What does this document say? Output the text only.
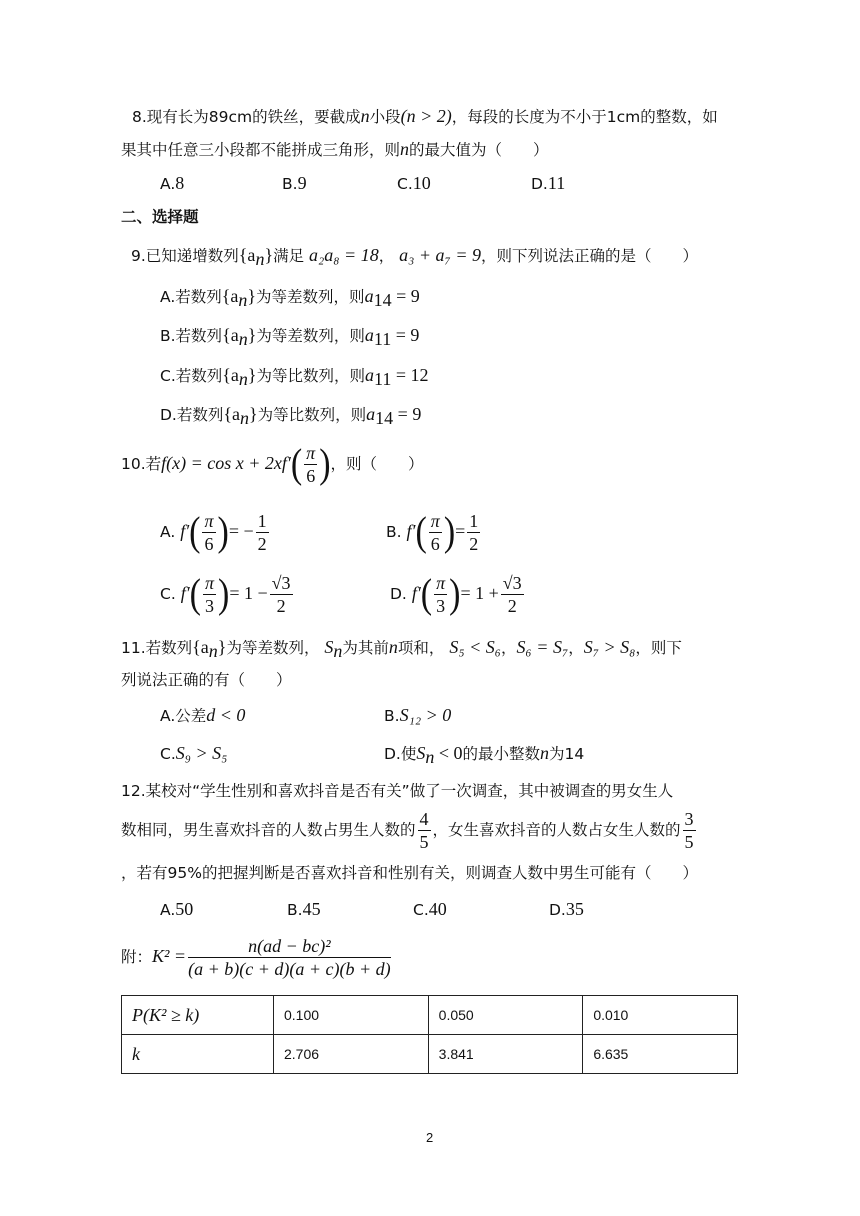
8.现有长为89cm的铁丝，要截成n小段(n > 2)，每段的长度为不小于1cm的整数，如
果其中任意三小段都不能拼成三角形，则n的最大值为（　　）
A.8	B.9	C.10	D.11
二、选择题
9.已知递增数列$\{a_n\}$满足 a₂a₈ = 18， a₃ + a₇ = 9，则下列说法正确的是（　　）
A.若数列$\{a_n\}$为等差数列，则$a_{14} = 9$
B.若数列$\{a_n\}$为等差数列，则$a_{11} = 9$
C.若数列$\{a_n\}$为等比数列，则$a_{11} = 12$
D.若数列$\{a_n\}$为等比数列，则$a_{14} = 9$
10.若$f(x) = \cos x + 2xf'( \frac{\pi}{6}$ )，则（　　）
A. $f'( \frac{\pi}{6}$ )= − $\frac{1}{2}$	B. $f'( \frac{\pi}{6}$ )= $\frac{1}{2}$
C. $f'( \frac{\pi}{3}$ )= $1 - \frac{√3}{2}$	D. $f'( \frac{\pi}{3}$ )= $1 + \frac{√3}{2}$
11.若数列$\{a_n\}$为等差数列， $S_n$为其前n项和， S₅ < S₆，S₆ = S₇，S₇ > S₈，则下
列说法正确的有（　　）
A.公差d < 0	B.S₁₂ > 0
C.S₉ > S₅	D.使$S_n < 0$的最小整数n为14
12.某校对“学生性别和喜欢抖音是否有关”做了一次调查，其中被调查的男女生人
数相同，男生喜欢抖音的人数占男生人数的 $\frac{4}{5}$ ，女生喜欢抖音的人数占女生人数的 $\frac{3}{5}$
，若有95%的把握判断是否喜欢抖音和性别有关，则调查人数中男生可能有（　　）
A.50	B.45	C.40	D.35
附：$K^2 = \frac{\text{n(ad − bc)²}}{(a + b)(c + d)(a + c)(b + d)}$
P(K² ≥ k)	0.100	0.050	0.010
k	2.706	3.841	6.635
2
